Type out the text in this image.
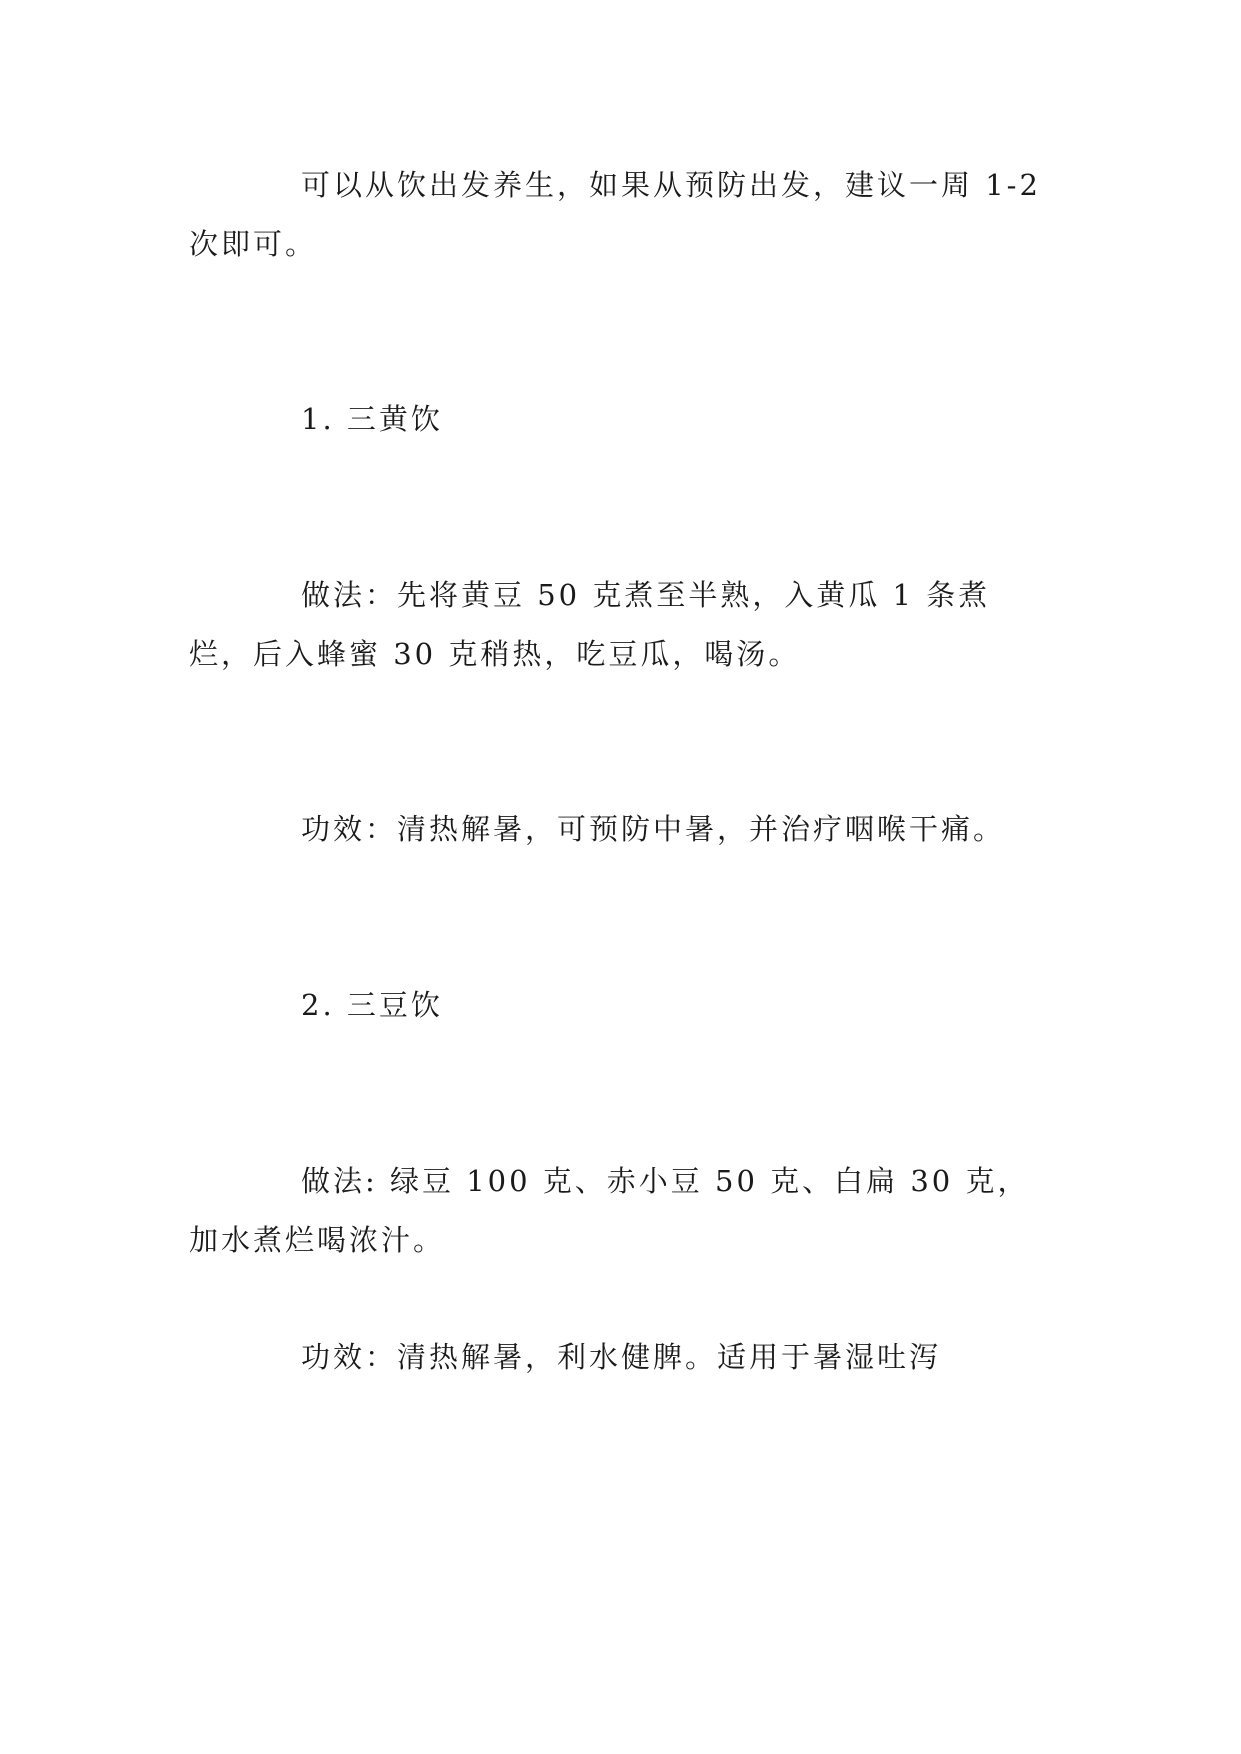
可以从饮出发养生，如果从预防出发，建议一周 1-2 次即可。

1. 三黄饮

做法：先将黄豆 50 克煮至半熟，入黄瓜 1 条煮烂，后入蜂蜜 30 克稍热，吃豆瓜，喝汤。

功效：清热解暑，可预防中暑，并治疗咽喉干痛。

2. 三豆饮

做法: 绿豆 100 克、赤小豆 50 克、白扁 30 克，加水煮烂喝浓汁。

功效：清热解暑，利水健脾。适用于暑湿吐泻
